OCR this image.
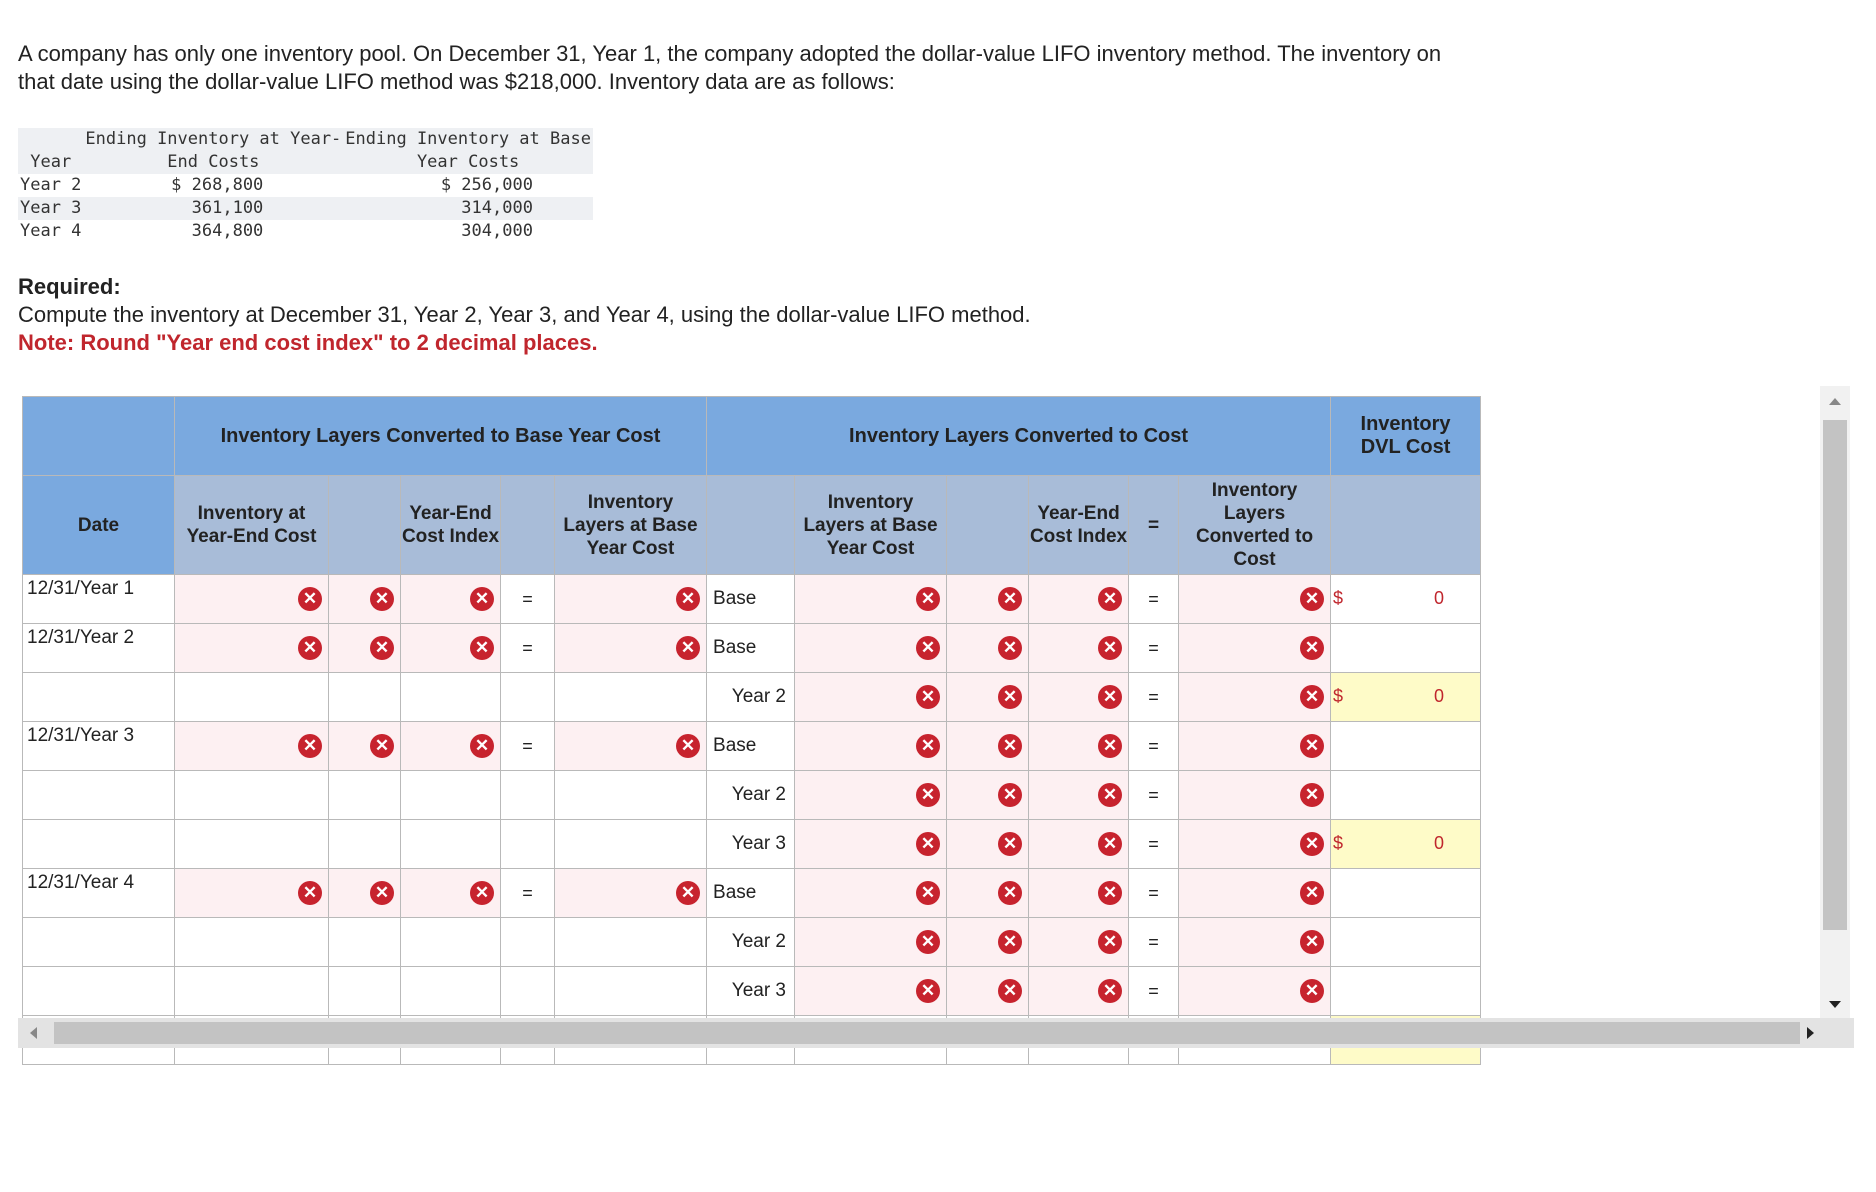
A company has only one inventory pool. On December 31, Year 1, the company adopted the dollar-value LIFO inventory method. The inventory on that date using the dollar-value LIFO method was $218,000. Inventory data are as follows:
Year	Ending Inventory at Year-
End Costs	Ending Inventory at Base
Year Costs
Year 2	$ 268,800	$ 256,000
Year 3	361,100	314,000
Year 4	364,800	304,000
Required:
Compute the inventory at December 31, Year 2, Year 3, and Year 4, using the dollar-value LIFO method.
Note: Round "Year end cost index" to 2 decimal places.
	Inventory Layers Converted to Base Year Cost					Inventory Layers Converted to Cost						Inventory DVL Cost
Date	Inventory at Year-End Cost		Year-End Cost Index		Inventory Layers at Base Year Cost		Inventory Layers at Base Year Cost		Year-End Cost Index	=	Inventory Layers Converted to Cost	
12/31/Year 1	✕	✕	✕	=	✕	Base	✕	✕	✕	=	✕	$ 0

12/31/Year 2	✕	✕	✕	=	✕	Base	✕	✕	✕	=	✕	

						Year 2	✕	✕	✕	=	✕	$ 0

12/31/Year 3	✕	✕	✕	=	✕	Base	✕	✕	✕	=	✕	

						Year 2	✕	✕	✕	=	✕	

						Year 3	✕	✕	✕	=	✕	$ 0

12/31/Year 4	✕	✕	✕	=	✕	Base	✕	✕	✕	=	✕	

						Year 2	✕	✕	✕	=	✕	

						Year 3	✕	✕	✕	=	✕	
